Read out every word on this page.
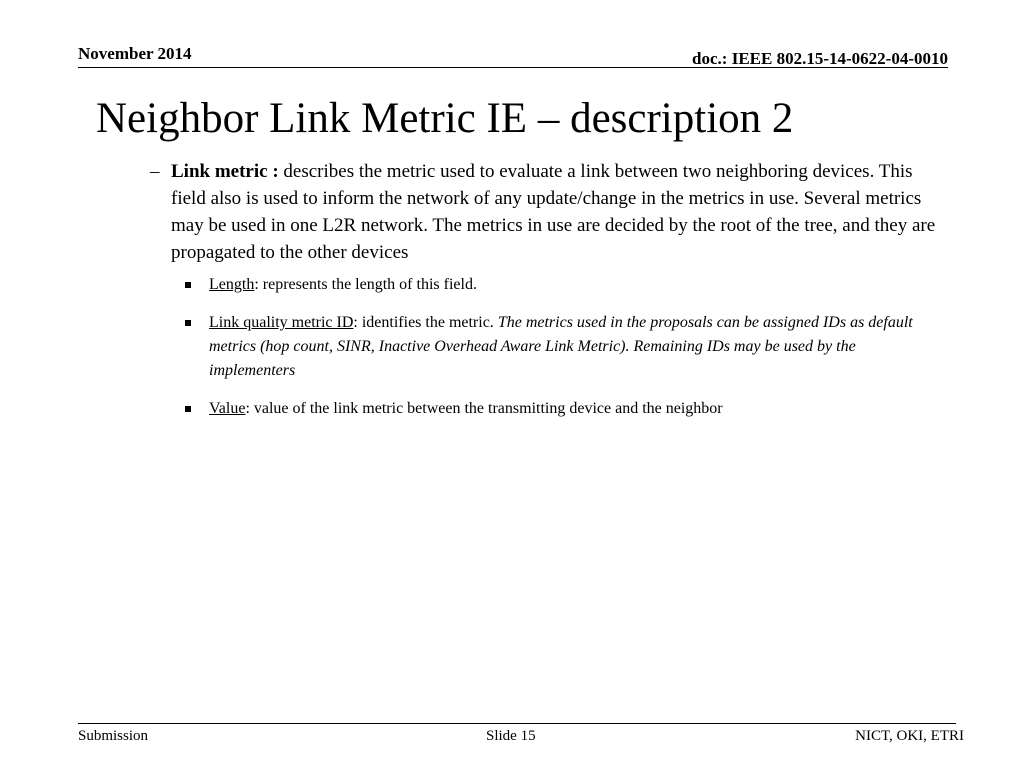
November 2014	doc.: IEEE 802.15-14-0622-04-0010
Neighbor Link Metric IE – description 2
– Link metric : describes the metric used to evaluate a link between two neighboring devices. This field also is used to inform the network of any update/change in the metrics in use. Several metrics may be used in one L2R network. The metrics in use are decided by the root of the tree, and they are propagated to the other devices
Length: represents the length of this field.
Link quality metric ID: identifies the metric. The metrics used in the proposals can be assigned IDs as default metrics (hop count, SINR, Inactive Overhead Aware Link Metric). Remaining IDs may be used by the implementers
Value: value of the link metric between the transmitting device and the neighbor
Submission	Slide 15	NICT, OKI, ETRI
